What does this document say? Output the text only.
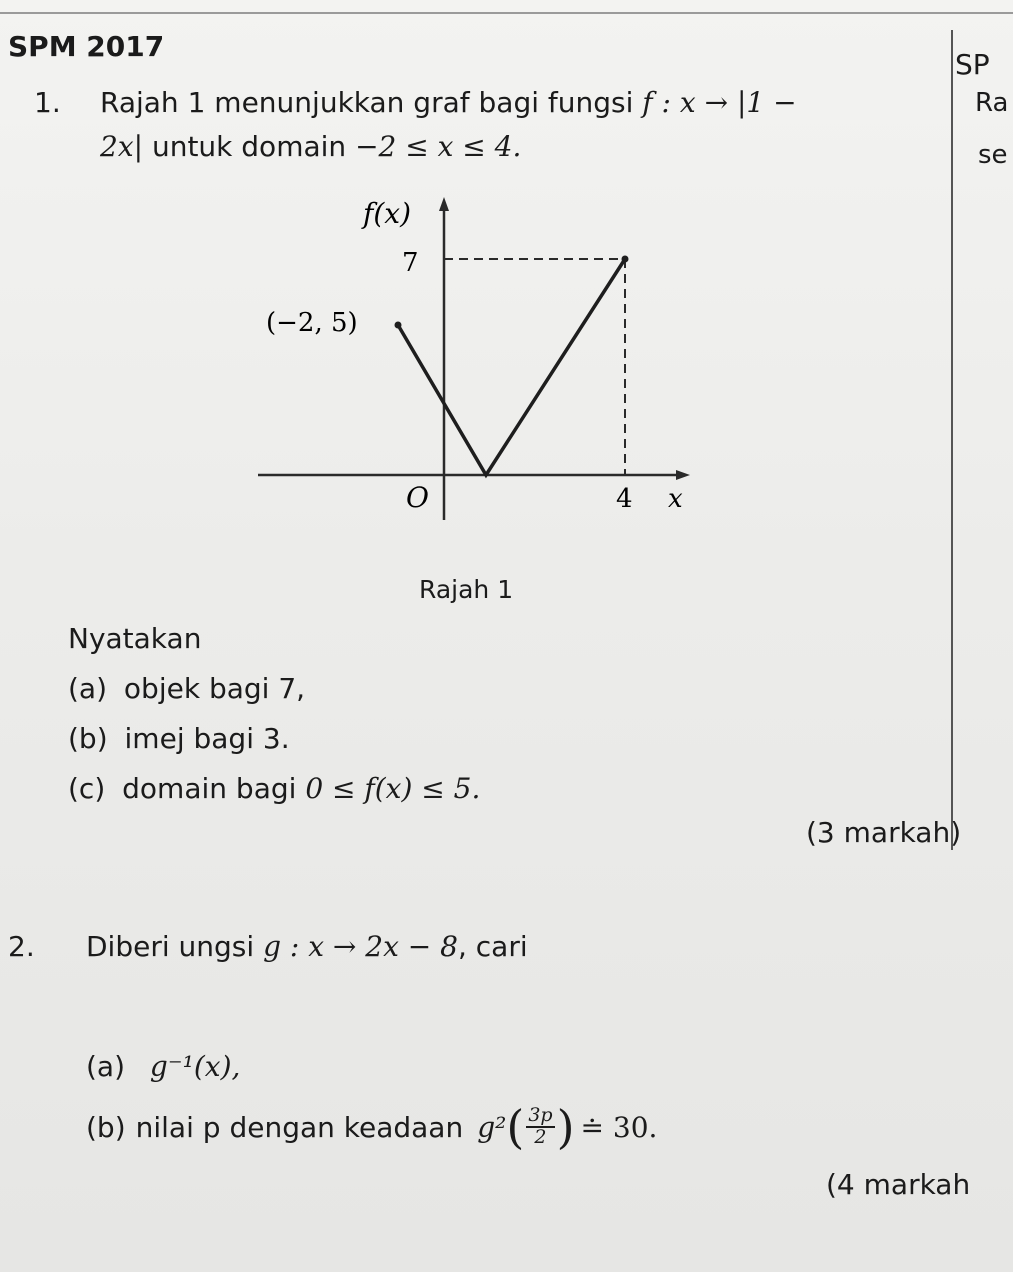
SPM 2017
SP
Ra
se
1. Rajah 1 menunjukkan graf bagi fungsi f : x → |1 −
2x| untuk domain −2 ≤ x ≤ 4.
f(x)
7
(−2, 5)
O	4 x
Rajah 1
Nyatakan
(a) objek bagi 7,
(b) imej bagi 3.
(c) domain bagi 0 ≤ f(x) ≤ 5.
(3 markah)
2. Diberi ungsi g : x → 2x − 8, cari
(a) g⁻¹(x),
(b) nilai p dengan keadaan g² ( $\frac{3p}{2}$ ) ≐ 30.
(4 markah
